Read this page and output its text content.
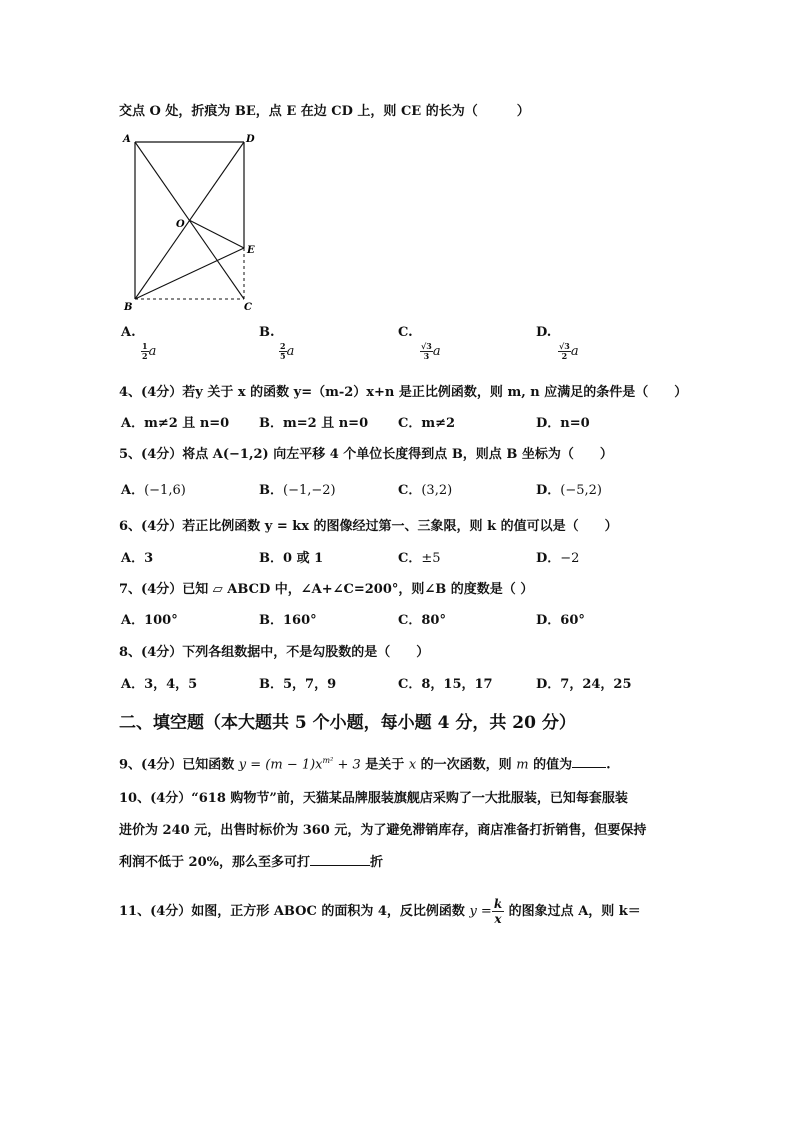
交点 O 处，折痕为 BE，点 E 在边 CD 上，则 CE 的长为（　　　）
A	D
O
E
B	C
A.

$\frac{1}{2}$ a
B.

$\frac{2}{5}$ a
C.

$\frac{√3}{3}$ a
D.

$\frac{√3}{2}$ a
4、(4分）若y 关于 x 的函数 y=（m-2）x+n 是正比例函数，则 m, n 应满足的条件是（　　）
A．m≠2 且 n=0 B．m=2 且 n=0 C．m≠2	D．n=0
5、(4分）将点 A(−1,2) 向左平移 4 个单位长度得到点 B，则点 B 坐标为（　　）
A．(−1,6)	B．(−1,−2)	C．(3,2)	D．(−5,2)
6、(4分）若正比例函数 y = kx 的图像经过第一、三象限，则 k 的值可以是（　　）
A．3	B．0 或 1	C．±5	D．−2
7、(4分）已知 ▱ ABCD 中，∠A+∠C=200°，则∠B 的度数是（ ）
A．100°	B．160°	C．80°	D．60°
8、(4分）下列各组数据中，不是勾股数的是（　　）
A．3，4，5	B．5，7，9	C．8，15，17	D．7，24，25
二、填空题（本大题共 5 个小题，每小题 4 分，共 20 分）
9、(4分）已知函数 $y = (m - 1)x^{m^2} + 3$ 是关于 x 的一次函数，则 m 的值为	.
10、(4分）“618 购物节”前，天猫某品牌服装旗舰店采购了一大批服装，已知每套服装
进价为 240 元，出售时标价为 360 元，为了避免滞销库存，商店准备打折销售，但要保持
利润不低于 20%，那么至多可打	折
11、(4分）如图，正方形 ABOC 的面积为 4，反比例函数 $y = \frac{k}{x}$ 的图象过点 A，则 k＝
